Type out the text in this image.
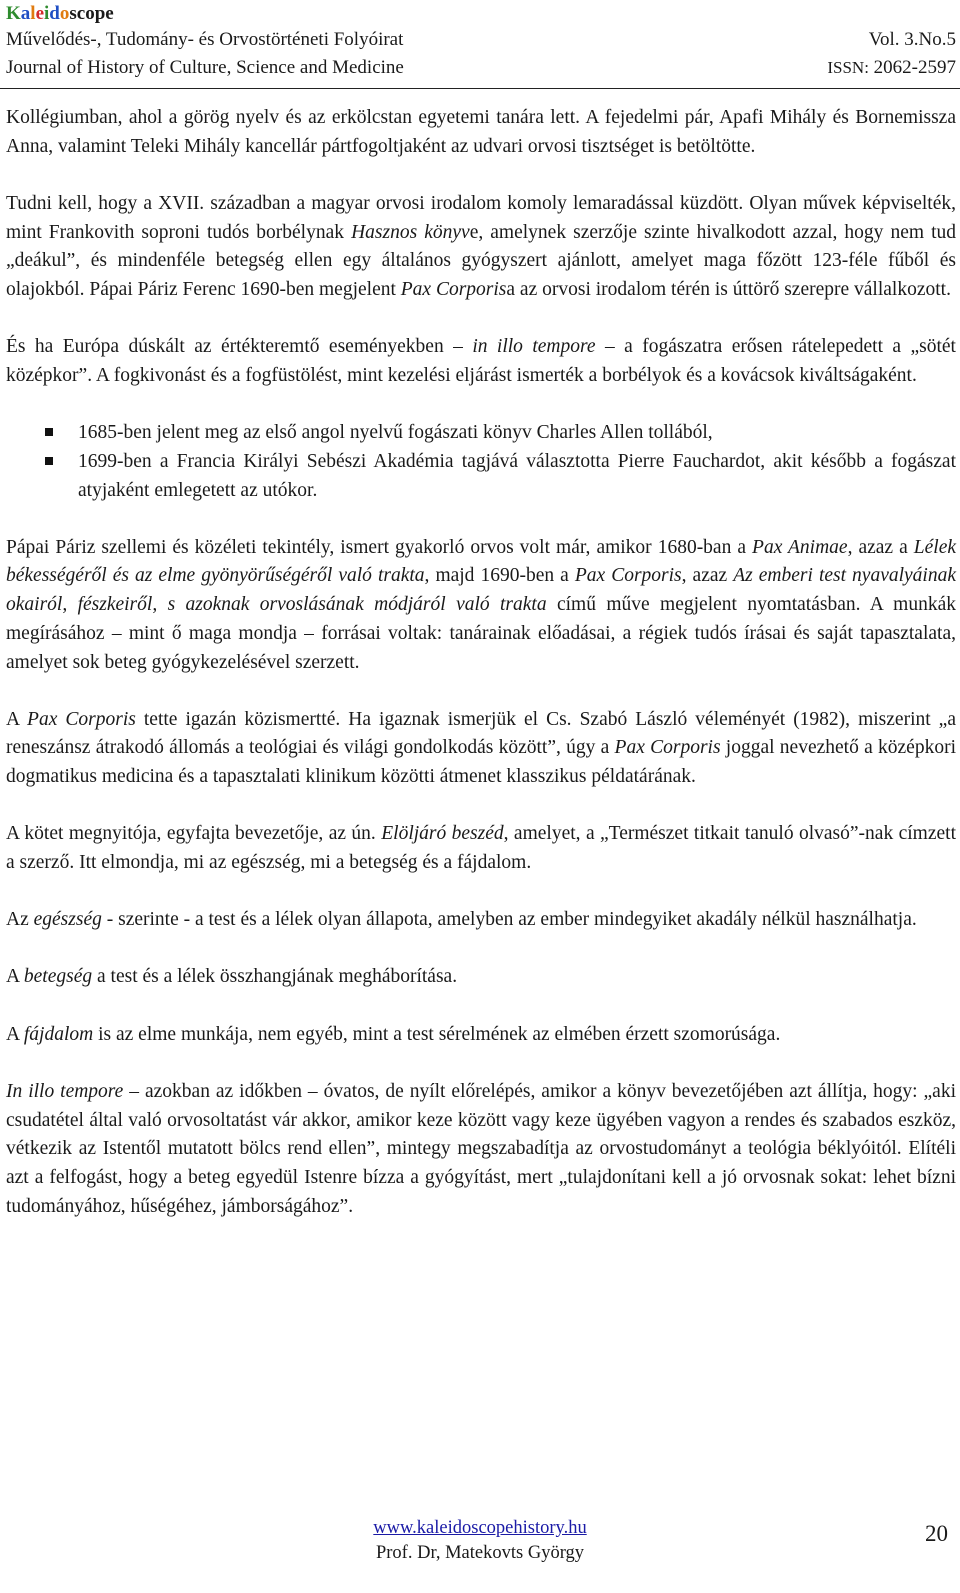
Kaleidoscope
Művelődés-, Tudomány- és Orvostörténeti Folyóirat	Vol. 3.No.5
Journal of History of Culture, Science and Medicine	ISSN: 2062-2597

Kollégiumban, ahol a görög nyelv és az erkölcstan egyetemi tanára lett. A fejedelmi pár, Apafi Mihály és Bornemissza Anna, valamint Teleki Mihály kancellár pártfogoltjaként az udvari orvosi tisztséget is betöltötte.

Tudni kell, hogy a XVII. században a magyar orvosi irodalom komoly lemaradással küzdött. Olyan művek képviselték, mint Frankovith soproni tudós borbélynak Hasznos könyve, amelynek szerzője szinte hivalkodott azzal, hogy nem tud „deákul”, és mindenféle betegség ellen egy általános gyógyszert ajánlott, amelyet maga főzött 123-féle fűből és olajokból. Pápai Páriz Ferenc 1690-ben megjelent Pax Corporisa az orvosi irodalom térén is úttörő szerepre vállalkozott.

És ha Európa dúskált az értékteremtő eseményekben – in illo tempore – a fogászatra erősen rátelepedett a „sötét középkor”. A fogkivonást és a fogfüstölést, mint kezelési eljárást ismerték a borbélyok és a kovácsok kiváltságaként.

1685-ben jelent meg az első angol nyelvű fogászati könyv Charles Allen tollából,
1699-ben a Francia Királyi Sebészi Akadémia tagjává választotta Pierre Fauchardot, akit később a fogászat atyjaként emlegetett az utókor.

Pápai Páriz szellemi és közéleti tekintély, ismert gyakorló orvos volt már, amikor 1680-ban a Pax Animae, azaz a Lélek békességéről és az elme gyönyörűségéről való trakta, majd 1690-ben a Pax Corporis, azaz Az emberi test nyavalyáinak okairól, fészkeiről, s azoknak orvoslásának módjáról való trakta című műve megjelent nyomtatásban. A munkák megírásához – mint ő maga mondja – forrásai voltak: tanárainak előadásai, a régiek tudós írásai és saját tapasztalata, amelyet sok beteg gyógykezelésével szerzett.

A Pax Corporis tette igazán közismertté. Ha igaznak ismerjük el Cs. Szabó László véleményét (1982), miszerint „a reneszánsz átrakodó állomás a teológiai és világi gondolkodás között”, úgy a Pax Corporis joggal nevezhető a középkori dogmatikus medicina és a tapasztalati klinikum közötti átmenet klasszikus példatárának.

A kötet megnyitója, egyfajta bevezetője, az ún. Elöljáró beszéd, amelyet, a „Természet titkait tanuló olvasó”-nak címzett a szerző. Itt elmondja, mi az egészség, mi a betegség és a fájdalom.

Az egészség - szerinte - a test és a lélek olyan állapota, amelyben az ember mindegyiket akadály nélkül használhatja.

A betegség a test és a lélek összhangjának megháborítása.

A fájdalom is az elme munkája, nem egyéb, mint a test sérelmének az elmében érzett szomorúsága.

In illo tempore – azokban az időkben – óvatos, de nyílt előrelépés, amikor a könyv bevezetőjében azt állítja, hogy: „aki csudatétel által való orvosoltatást vár akkor, amikor keze között vagy keze ügyében vagyon a rendes és szabados eszköz, vétkezik az Istentől mutatott bölcs rend ellen”, mintegy megszabadítja az orvostudományt a teológia béklyóitól. Elítéli azt a felfogást, hogy a beteg egyedül Istenre bízza a gyógyítást, mert „tulajdonítani kell a jó orvosnak sokat: lehet bízni tudományához, hűségéhez, jámborságához”.

www.kaleidoscopehistory.hu
Prof. Dr, Matekovts György
20
